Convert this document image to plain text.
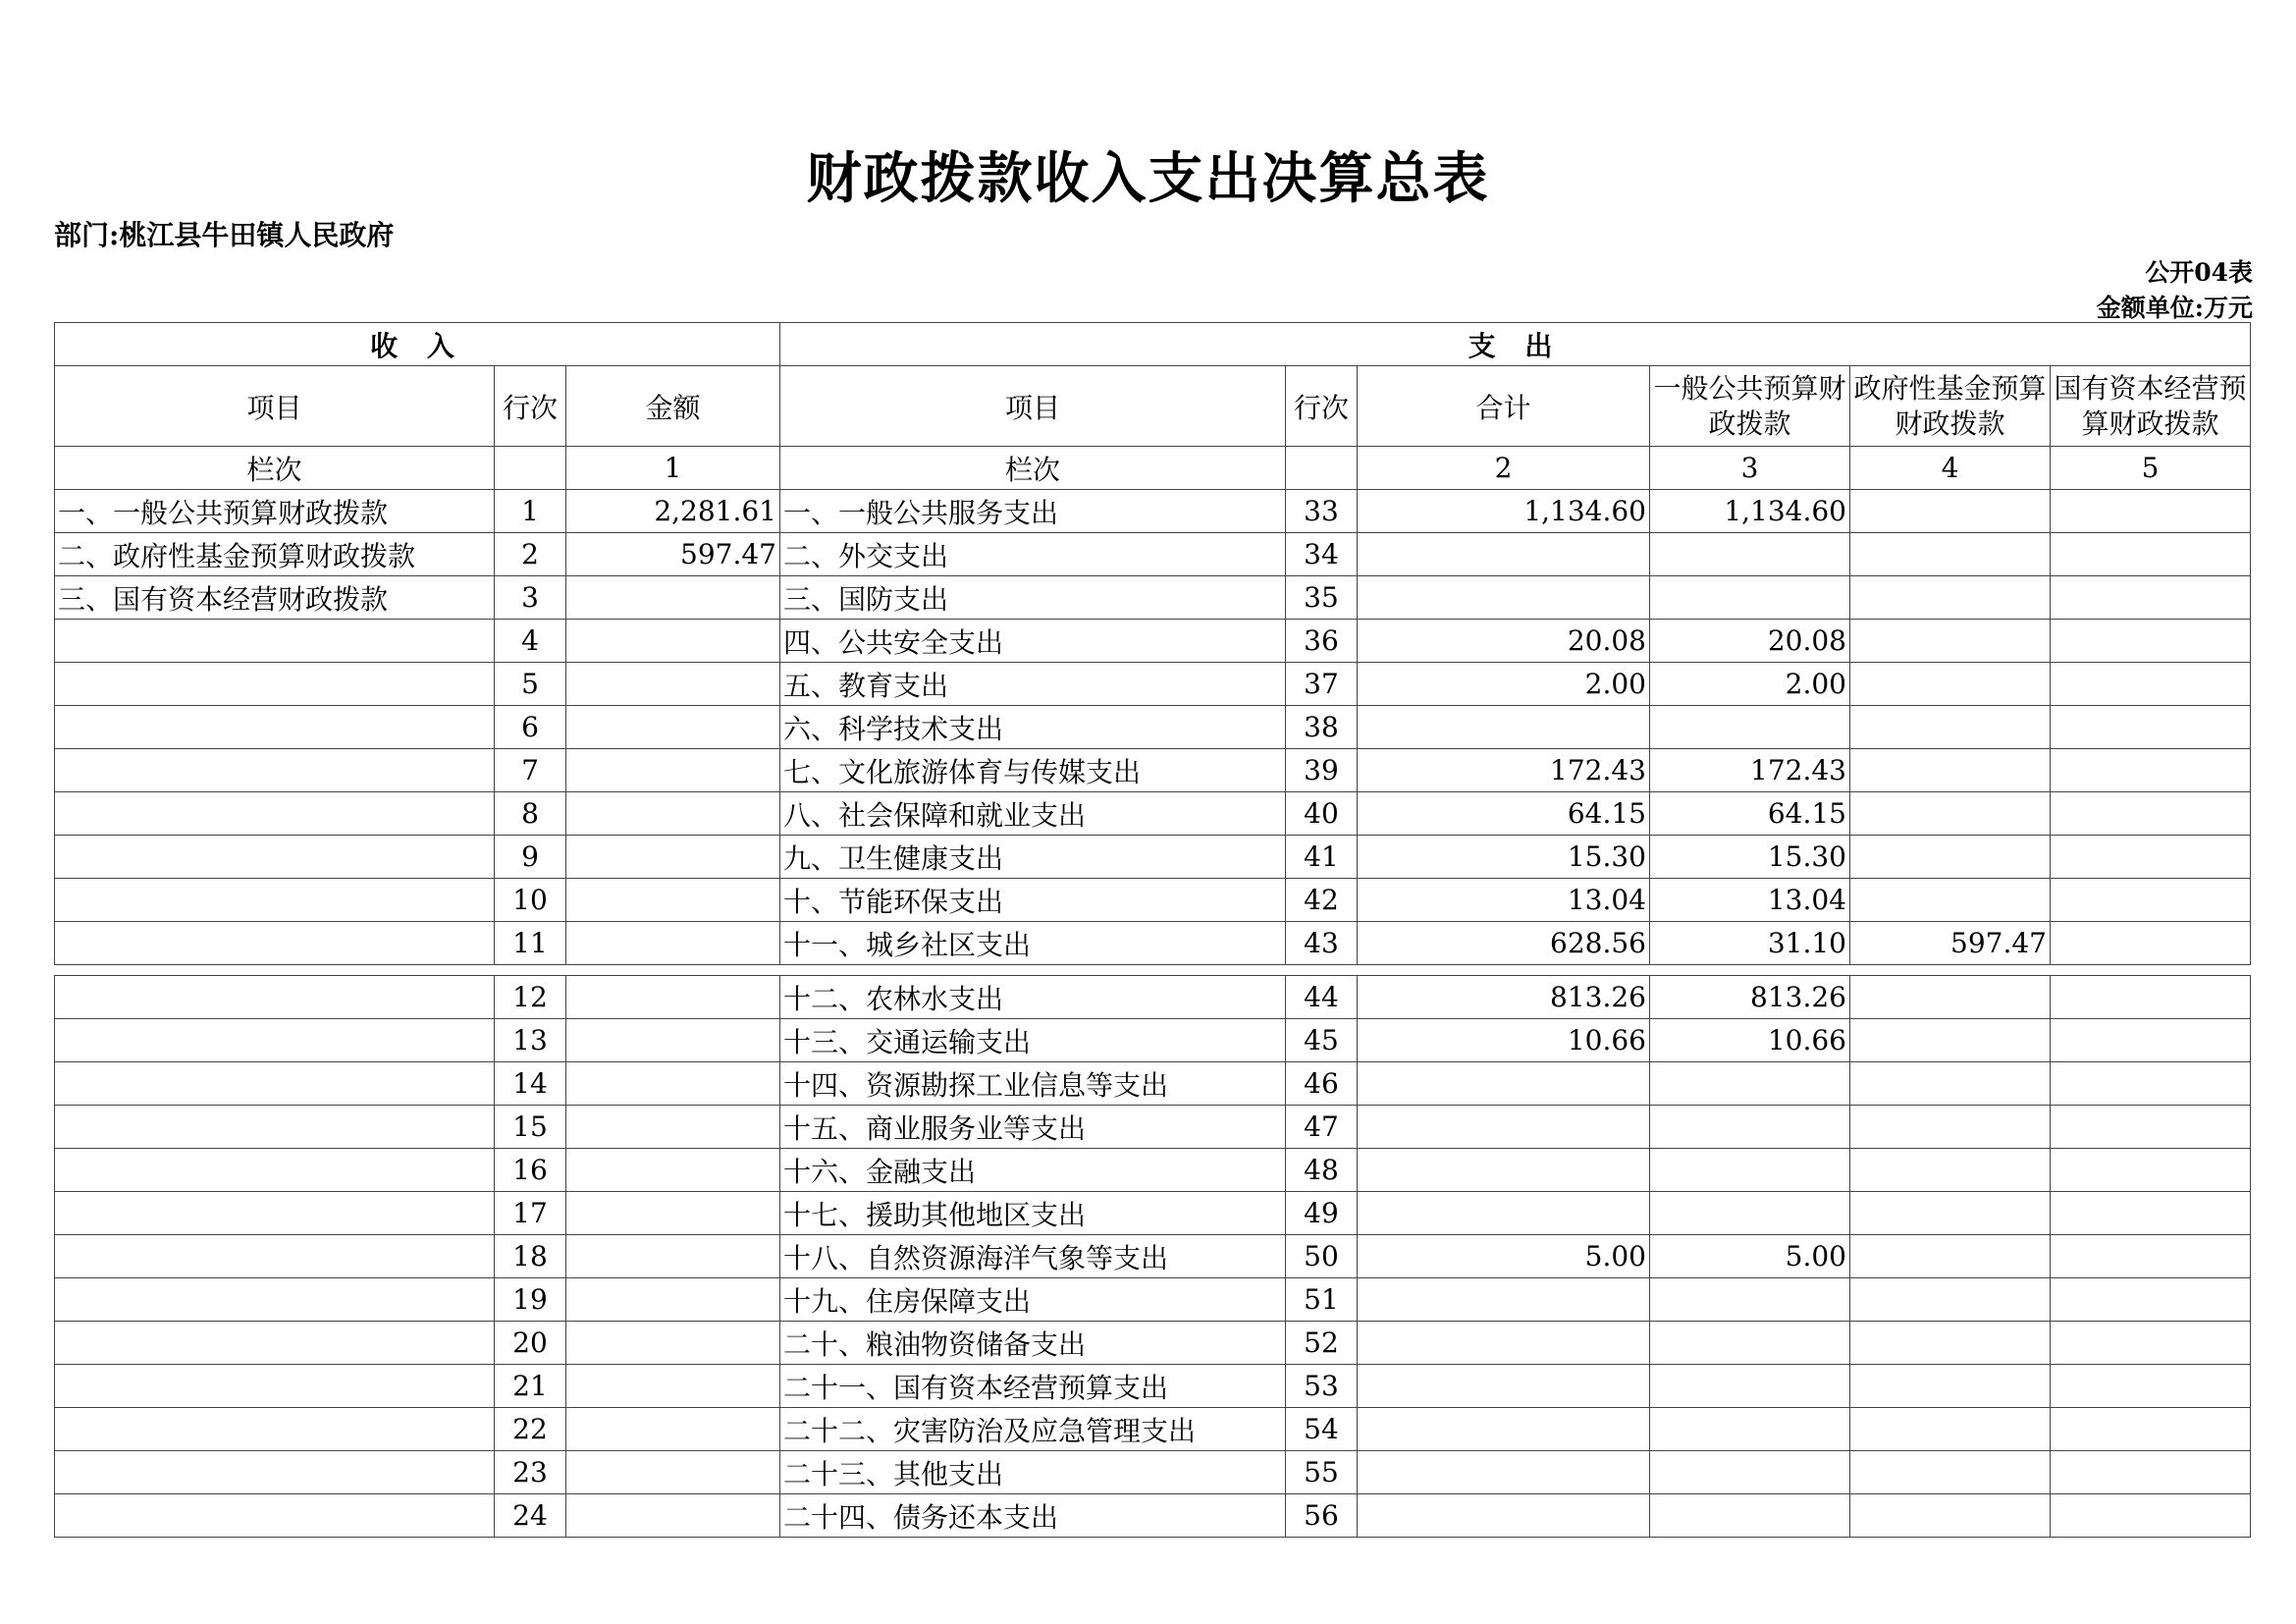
财政拨款收入支出决算总表
部门:桃江县牛田镇人民政府
公开04表
金额单位:万元
收 入			支 出					
项目	行次	金额	项目	行次	合计	一般公共预算财政拨款	政府性基金预算财政拨款	国有资本经营预算财政拨款
栏次		1	栏次		2	3	4	5
一、一般公共预算财政拨款	1	2,281.61	一、一般公共服务支出	33	1,134.60	1,134.60		
二、政府性基金预算财政拨款	2	597.47	二、外交支出	34				
三、国有资本经营财政拨款	3		三、国防支出	35				
	4		四、公共安全支出	36	20.08	20.08		
	5		五、教育支出	37	2.00	2.00		
	6		六、科学技术支出	38				
	7		七、文化旅游体育与传媒支出	39	172.43	172.43		
	8		八、社会保障和就业支出	40	64.15	64.15		
	9		九、卫生健康支出	41	15.30	15.30		
	10		十、节能环保支出	42	13.04	13.04		
	11		十一、城乡社区支出	43	628.56	31.10	597.47	
	12		十二、农林水支出	44	813.26	813.26		
	13		十三、交通运输支出	45	10.66	10.66		
	14		十四、资源勘探工业信息等支出	46				
	15		十五、商业服务业等支出	47				
	16		十六、金融支出	48				
	17		十七、援助其他地区支出	49				
	18		十八、自然资源海洋气象等支出	50	5.00	5.00		
	19		十九、住房保障支出	51				
	20		二十、粮油物资储备支出	52				
	21		二十一、国有资本经营预算支出	53				
	22		二十二、灾害防治及应急管理支出	54				
	23		二十三、其他支出	55				
	24		二十四、债务还本支出	56				
